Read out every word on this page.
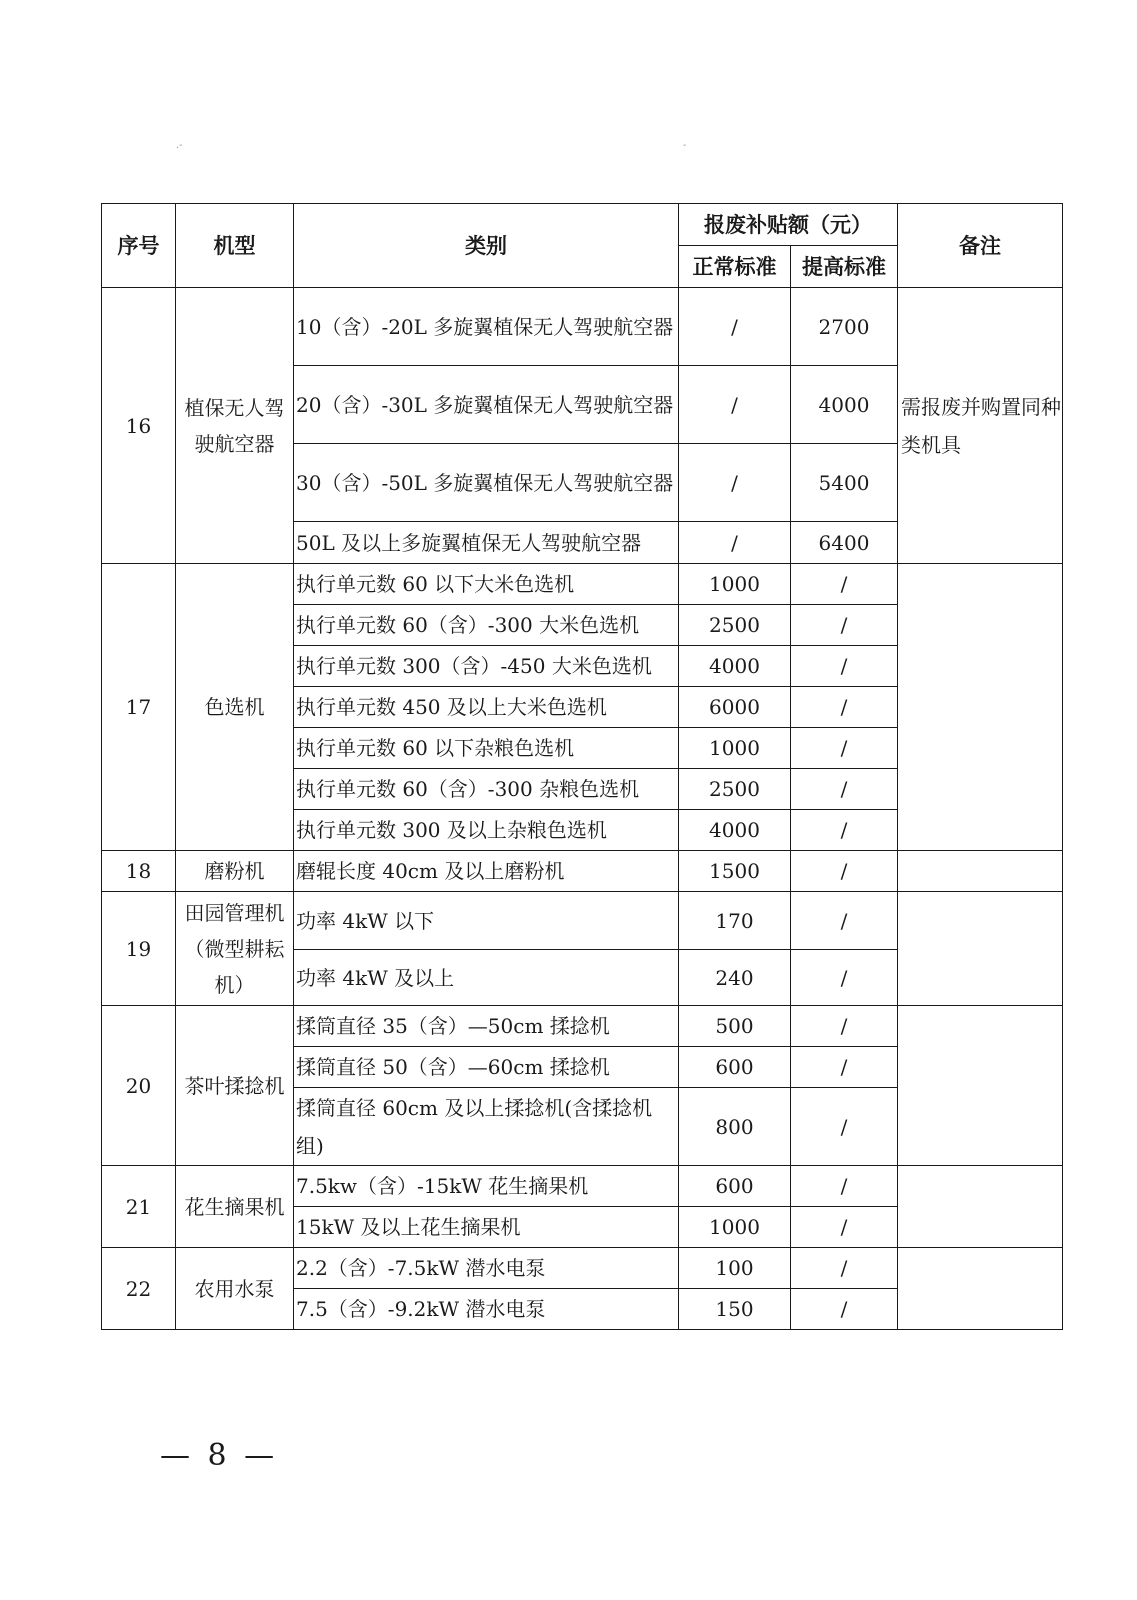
.-	-
序号	机型	类别	报废补贴额（元）		备注
			正常标准	提高标准	
16	植保无人驾驶航空器	10（含）-20L 多旋翼植保无人驾驶航空器	/	2700	需报废并购置同种类机具
		20（含）-30L 多旋翼植保无人驾驶航空器	/	4000	
		30（含）-50L 多旋翼植保无人驾驶航空器	/	5400	
		50L 及以上多旋翼植保无人驾驶航空器	/	6400	
17	色选机	执行单元数 60 以下大米色选机	1000	/	
		执行单元数 60（含）-300 大米色选机	2500	/	
		执行单元数 300（含）-450 大米色选机	4000	/	
		执行单元数 450 及以上大米色选机	6000	/	
		执行单元数 60 以下杂粮色选机	1000	/	
		执行单元数 60（含）-300 杂粮色选机	2500	/	
		执行单元数 300 及以上杂粮色选机	4000	/	
18	磨粉机	磨辊长度 40cm 及以上磨粉机	1500	/	
19	田园管理机（微型耕耘机）	功率 4kW 以下	170	/	
		功率 4kW 及以上	240	/	
20	茶叶揉捻机	揉筒直径 35（含）—50cm 揉捻机	500	/	
		揉筒直径 50（含）—60cm 揉捻机	600	/	
		揉筒直径 60cm 及以上揉捻机(含揉捻机组)	800	/	
21	花生摘果机	7.5kw（含）-15kW 花生摘果机	600	/	
		15kW 及以上花生摘果机	1000	/	
22	农用水泵	2.2（含）-7.5kW 潜水电泵	100	/	
		7.5（含）-9.2kW 潜水电泵	150	/	
— 8 —
